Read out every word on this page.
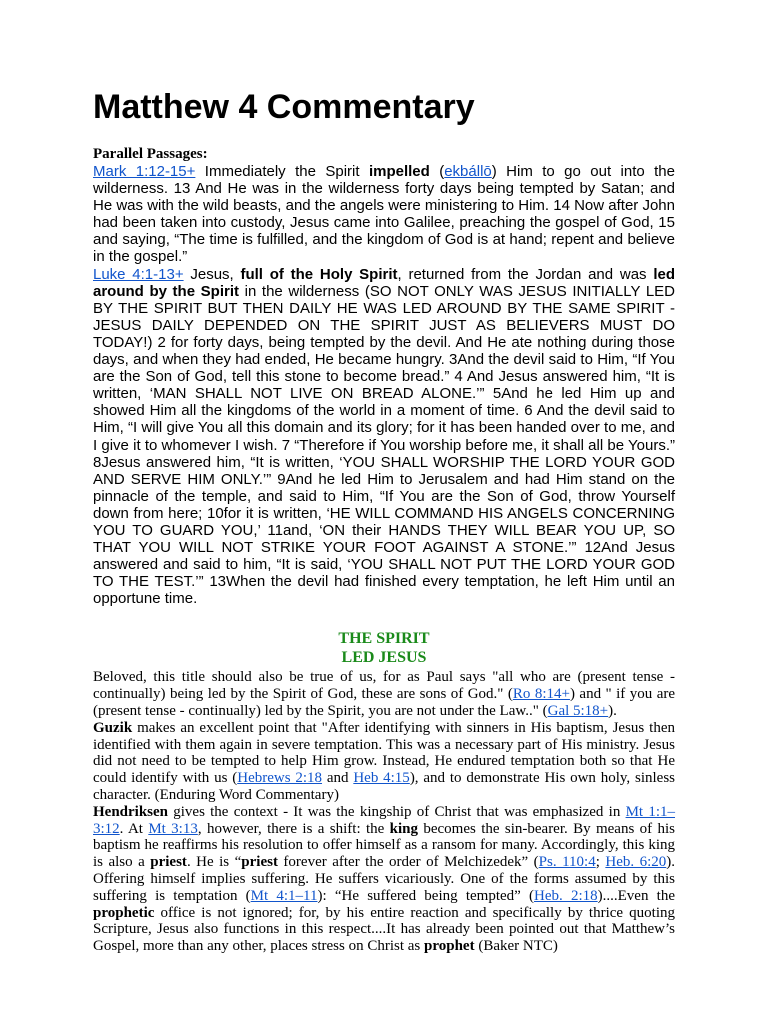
Matthew 4 Commentary

Parallel Passages:

Mark 1:12-15+ Immediately the Spirit impelled (ekbállō) Him to go out into the wilderness. 13 And He was in the wilderness forty days being tempted by Satan; and He was with the wild beasts, and the angels were ministering to Him. 14 Now after John had been taken into custody, Jesus came into Galilee, preaching the gospel of God, 15 and saying, “The time is fulfilled, and the kingdom of God is at hand; repent and believe in the gospel.”

Luke 4:1-13+ Jesus, full of the Holy Spirit, returned from the Jordan and was led around by the Spirit in the wilderness (SO NOT ONLY WAS JESUS INITIALLY LED BY THE SPIRIT BUT THEN DAILY HE WAS LED AROUND BY THE SAME SPIRIT - JESUS DAILY DEPENDED ON THE SPIRIT JUST AS BELIEVERS MUST DO TODAY!) 2 for forty days, being tempted by the devil. And He ate nothing during those days, and when they had ended, He became hungry. 3And the devil said to Him, “If You are the Son of God, tell this stone to become bread.” 4 And Jesus answered him, “It is written, ‘MAN SHALL NOT LIVE ON BREAD ALONE.’” 5And he led Him up and showed Him all the kingdoms of the world in a moment of time. 6 And the devil said to Him, “I will give You all this domain and its glory; for it has been handed over to me, and I give it to whomever I wish. 7 “Therefore if You worship before me, it shall all be Yours.” 8Jesus answered him, “It is written, ‘YOU SHALL WORSHIP THE LORD YOUR GOD AND SERVE HIM ONLY.’” 9And he led Him to Jerusalem and had Him stand on the pinnacle of the temple, and said to Him, “If You are the Son of God, throw Yourself down from here; 10for it is written, ‘HE WILL COMMAND HIS ANGELS CONCERNING YOU TO GUARD YOU,’ 11and, ‘ON their HANDS THEY WILL BEAR YOU UP, SO THAT YOU WILL NOT STRIKE YOUR FOOT AGAINST A STONE.’” 12And Jesus answered and said to him, “It is said, ‘YOU SHALL NOT PUT THE LORD YOUR GOD TO THE TEST.’” 13When the devil had finished every temptation, he left Him until an opportune time.

THE SPIRIT
LED JESUS

Beloved, this title should also be true of us, for as Paul says "all who are (present tense - continually) being led by the Spirit of God, these are sons of God." (Ro 8:14+) and " if you are (present tense - continually) led by the Spirit, you are not under the Law.." (Gal 5:18+).

Guzik makes an excellent point that "After identifying with sinners in His baptism, Jesus then identified with them again in severe temptation. This was a necessary part of His ministry. Jesus did not need to be tempted to help Him grow. Instead, He endured temptation both so that He could identify with us (Hebrews 2:18 and Heb 4:15), and to demonstrate His own holy, sinless character. (Enduring Word Commentary)

Hendriksen gives the context - It was the kingship of Christ that was emphasized in Mt 1:1–3:12. At Mt 3:13, however, there is a shift: the king becomes the sin-bearer. By means of his baptism he reaffirms his resolution to offer himself as a ransom for many. Accordingly, this king is also a priest. He is “priest forever after the order of Melchizedek” (Ps. 110:4; Heb. 6:20). Offering himself implies suffering. He suffers vicariously. One of the forms assumed by this suffering is temptation (Mt 4:1–11): “He suffered being tempted” (Heb. 2:18)....Even the prophetic office is not ignored; for, by his entire reaction and specifically by thrice quoting Scripture, Jesus also functions in this respect....It has already been pointed out that Matthew’s Gospel, more than any other, places stress on Christ as prophet (Baker NTC)
